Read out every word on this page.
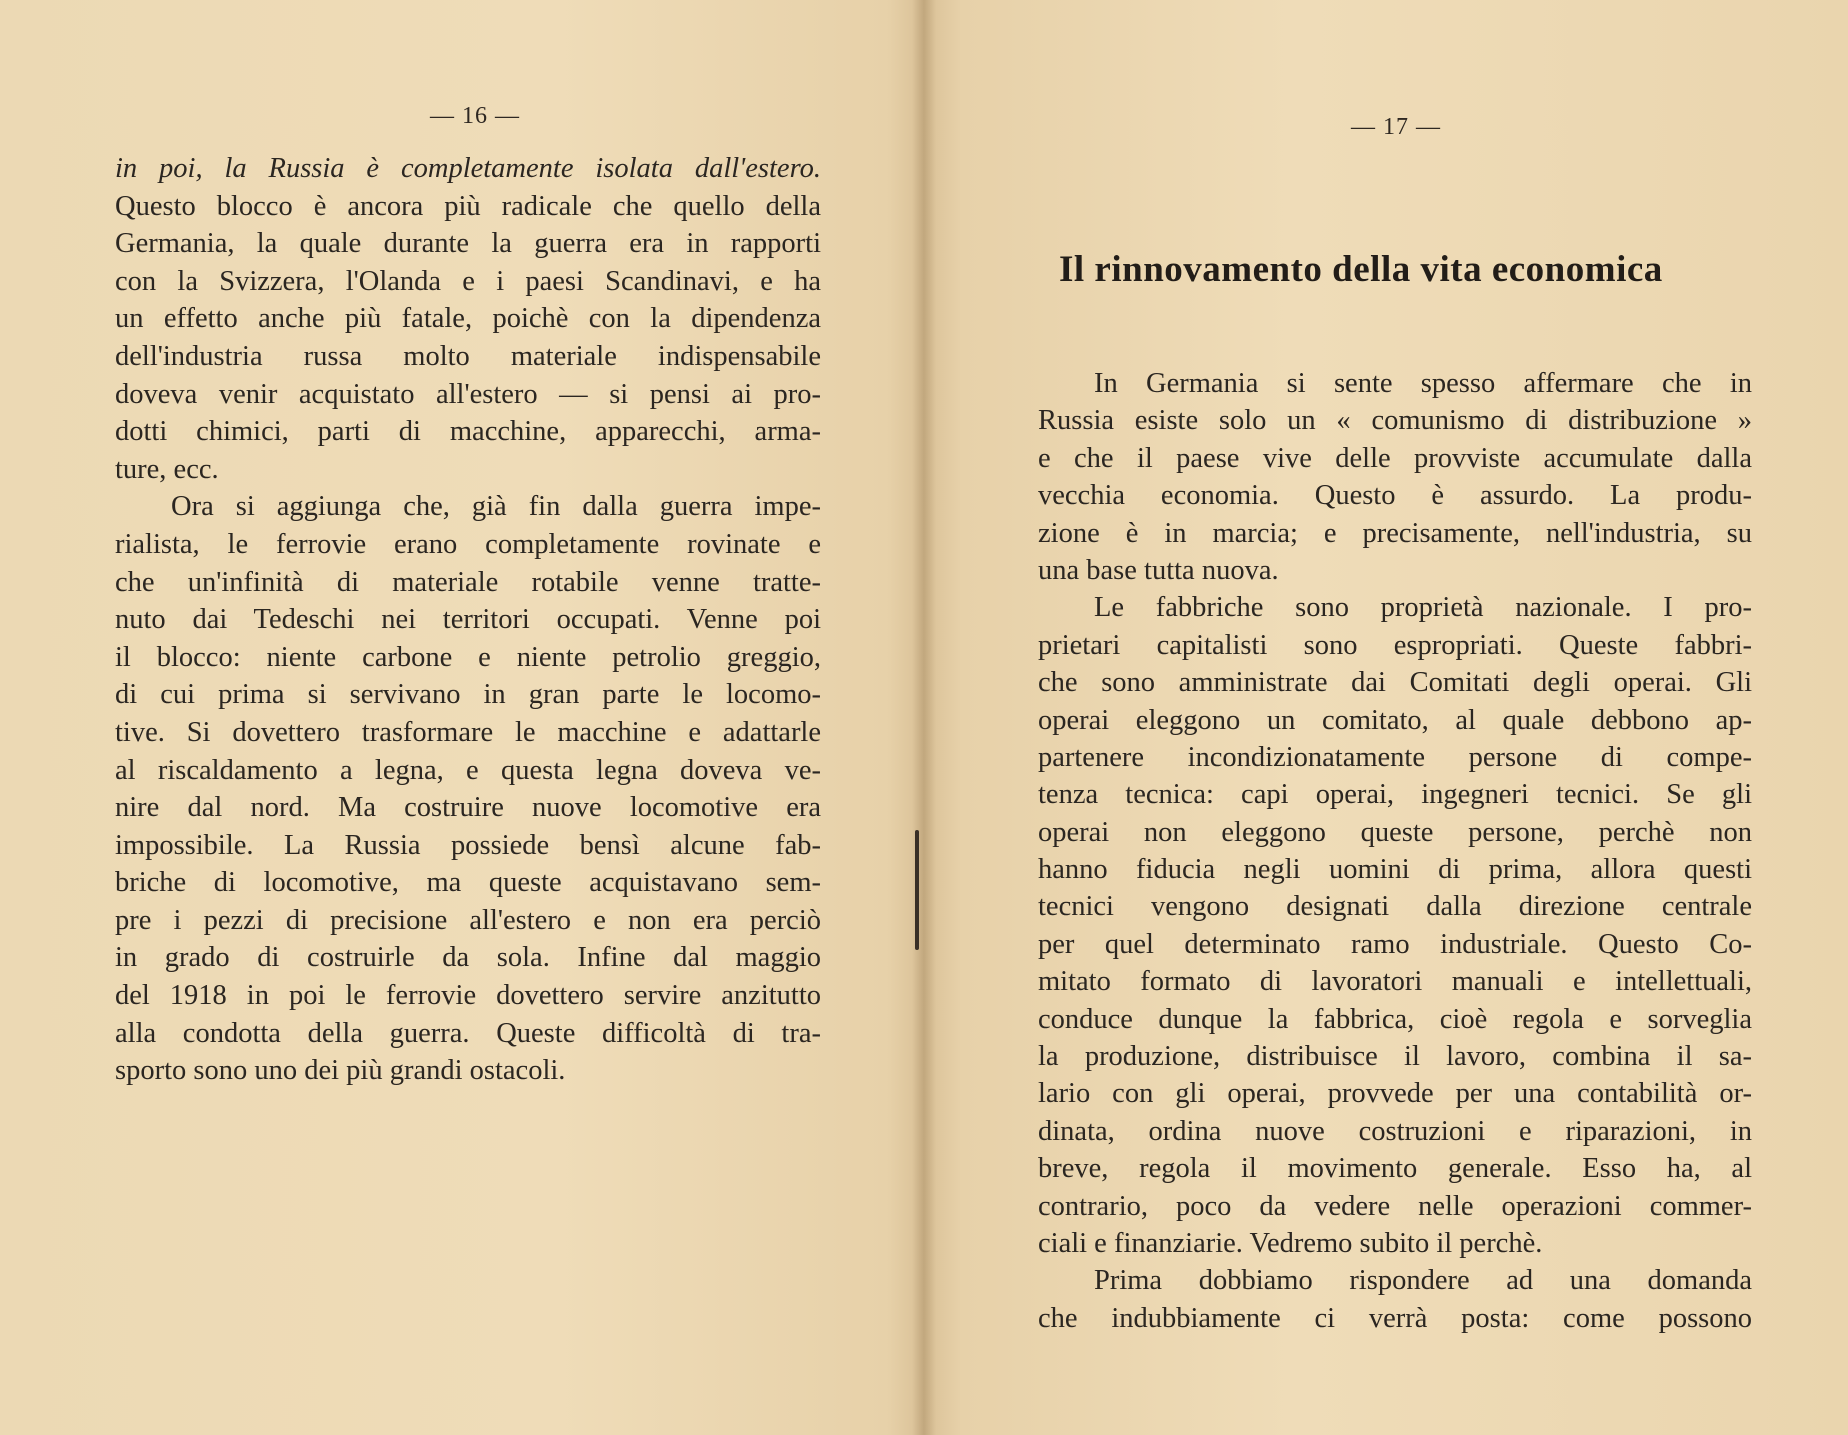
— 16 —
in poi, la Russia è completamente isolata dall'estero.
Questo blocco è ancora più radicale che quello della
Germania, la quale durante la guerra era in rapporti
con la Svizzera, l'Olanda e i paesi Scandinavi, e ha
un effetto anche più fatale, poichè con la dipendenza
dell'industria russa molto materiale indispensabile
doveva venir acquistato all'estero — si pensi ai pro-
dotti chimici, parti di macchine, apparecchi, arma-
ture, ecc.
Ora si aggiunga che, già fin dalla guerra impe-
rialista, le ferrovie erano completamente rovinate e
che un'infinità di materiale rotabile venne tratte-
nuto dai Tedeschi nei territori occupati. Venne poi
il blocco: niente carbone e niente petrolio greggio,
di cui prima si servivano in gran parte le locomo-
tive. Si dovettero trasformare le macchine e adattarle
al riscaldamento a legna, e questa legna doveva ve-
nire dal nord. Ma costruire nuove locomotive era
impossibile. La Russia possiede bensì alcune fab-
briche di locomotive, ma queste acquistavano sem-
pre i pezzi di precisione all'estero e non era perciò
in grado di costruirle da sola. Infine dal maggio
del 1918 in poi le ferrovie dovettero servire anzitutto
alla condotta della guerra. Queste difficoltà di tra-
sporto sono uno dei più grandi ostacoli.
— 17 —
Il rinnovamento della vita economica
In Germania si sente spesso affermare che in
Russia esiste solo un « comunismo di distribuzione »
e che il paese vive delle provviste accumulate dalla
vecchia economia. Questo è assurdo. La produ-
zione è in marcia; e precisamente, nell'industria, su
una base tutta nuova.
Le fabbriche sono proprietà nazionale. I pro-
prietari capitalisti sono espropriati. Queste fabbri-
che sono amministrate dai Comitati degli operai. Gli
operai eleggono un comitato, al quale debbono ap-
partenere incondizionatamente persone di compe-
tenza tecnica: capi operai, ingegneri tecnici. Se gli
operai non eleggono queste persone, perchè non
hanno fiducia negli uomini di prima, allora questi
tecnici vengono designati dalla direzione centrale
per quel determinato ramo industriale. Questo Co-
mitato formato di lavoratori manuali e intellettuali,
conduce dunque la fabbrica, cioè regola e sorveglia
la produzione, distribuisce il lavoro, combina il sa-
lario con gli operai, provvede per una contabilità or-
dinata, ordina nuove costruzioni e riparazioni, in
breve, regola il movimento generale. Esso ha, al
contrario, poco da vedere nelle operazioni commer-
ciali e finanziarie. Vedremo subito il perchè.
Prima dobbiamo rispondere ad una domanda
che indubbiamente ci verrà posta: come possono
